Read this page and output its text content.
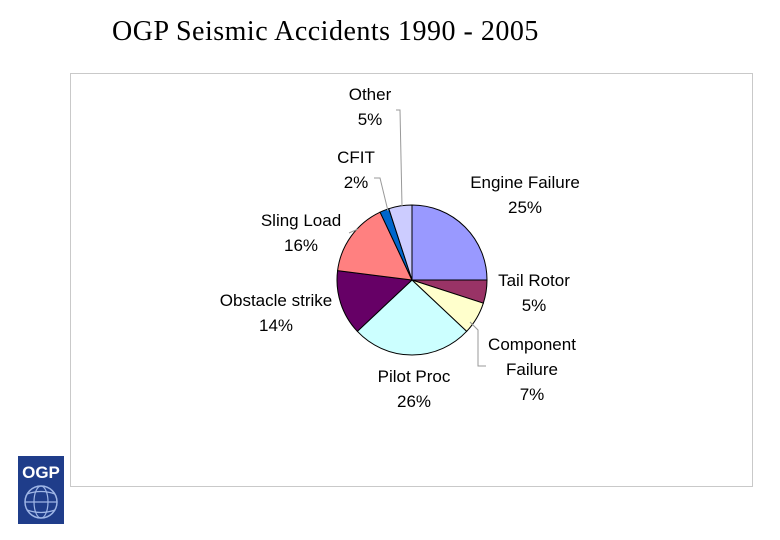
OGP Seismic Accidents 1990 - 2005
Engine Failure 25%
Tail Rotor 5%
Component Failure 7%
Pilot Proc 26%
Obstacle strike 14%
Sling Load 16%
CFIT 2%
Other 5%
OGP
